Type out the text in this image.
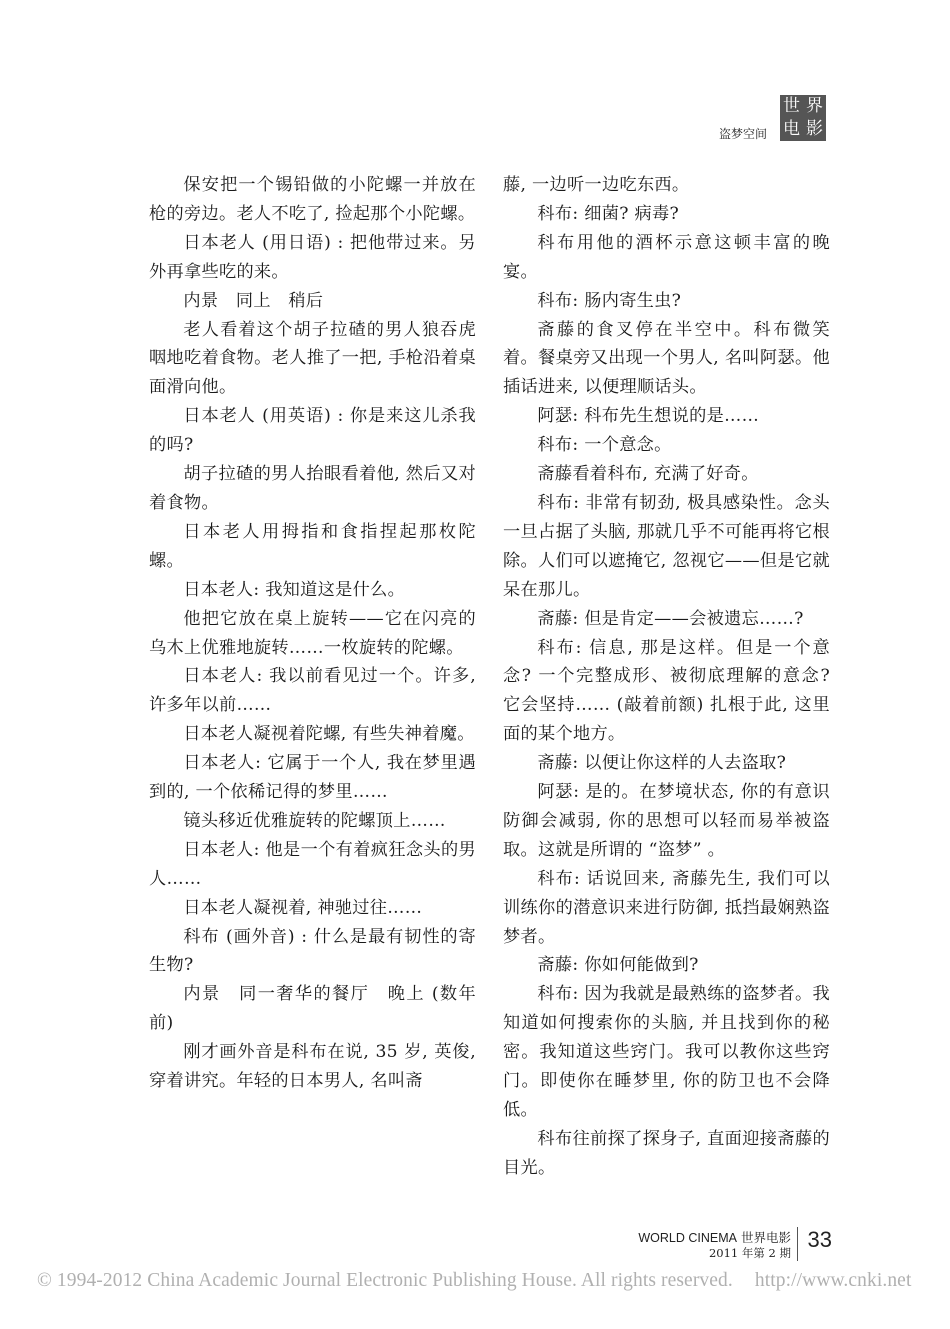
盗梦空间
世 界
电 影

保安把一个锡铅做的小陀螺一并放在枪的旁边。老人不吃了, 捡起那个小陀螺。

日本老人 (用日语) : 把他带过来。另外再拿些吃的来。

内景　同上　稍后

老人看着这个胡子拉碴的男人狼吞虎咽地吃着食物。老人推了一把, 手枪沿着桌面滑向他。

日本老人 (用英语) : 你是来这儿杀我的吗?

胡子拉碴的男人抬眼看着他, 然后又对着食物。

日本老人用拇指和食指捏起那枚陀螺。

日本老人: 我知道这是什么。

他把它放在桌上旋转——它在闪亮的乌木上优雅地旋转……一枚旋转的陀螺。

日本老人: 我以前看见过一个。许多, 许多年以前……

日本老人凝视着陀螺, 有些失神着魔。

日本老人: 它属于一个人, 我在梦里遇到的, 一个依稀记得的梦里……

镜头移近优雅旋转的陀螺顶上……

日本老人: 他是一个有着疯狂念头的男人……

日本老人凝视着, 神驰过往……

科布 (画外音) : 什么是最有韧性的寄生物?

内景　同一奢华的餐厅　晚上 (数年前)

刚才画外音是科布在说, 35 岁, 英俊, 穿着讲究。年轻的日本男人, 名叫斋

藤, 一边听一边吃东西。

科布: 细菌? 病毒?

科布用他的酒杯示意这顿丰富的晚宴。

科布: 肠内寄生虫?

斋藤的食叉停在半空中。科布微笑着。餐桌旁又出现一个男人, 名叫阿瑟。他插话进来, 以便理顺话头。

阿瑟: 科布先生想说的是……

科布: 一个意念。

斋藤看着科布, 充满了好奇。

科布: 非常有韧劲, 极具感染性。念头一旦占据了头脑, 那就几乎不可能再将它根除。人们可以遮掩它, 忽视它——但是它就呆在那儿。

斋藤: 但是肯定——会被遗忘……?

科布: 信息, 那是这样。但是一个意念? 一个完整成形、被彻底理解的意念? 它会坚持…… (敲着前额) 扎根于此, 这里面的某个地方。

斋藤: 以便让你这样的人去盗取?

阿瑟: 是的。在梦境状态, 你的有意识防御会减弱, 你的思想可以轻而易举被盗取。这就是所谓的 “盗梦” 。

科布: 话说回来, 斋藤先生, 我们可以训练你的潜意识来进行防御, 抵挡最娴熟盗梦者。

斋藤: 你如何能做到?

科布: 因为我就是最熟练的盗梦者。我知道如何搜索你的头脑, 并且找到你的秘密。我知道这些窍门。我可以教你这些窍门。即使你在睡梦里, 你的防卫也不会降低。

科布往前探了探身子, 直面迎接斋藤的目光。

WORLD CINEMA 世界电影
2011 年第 2 期
33
© 1994-2012 China Academic Journal Electronic Publishing House. All rights reserved. http://www.cnki.net
